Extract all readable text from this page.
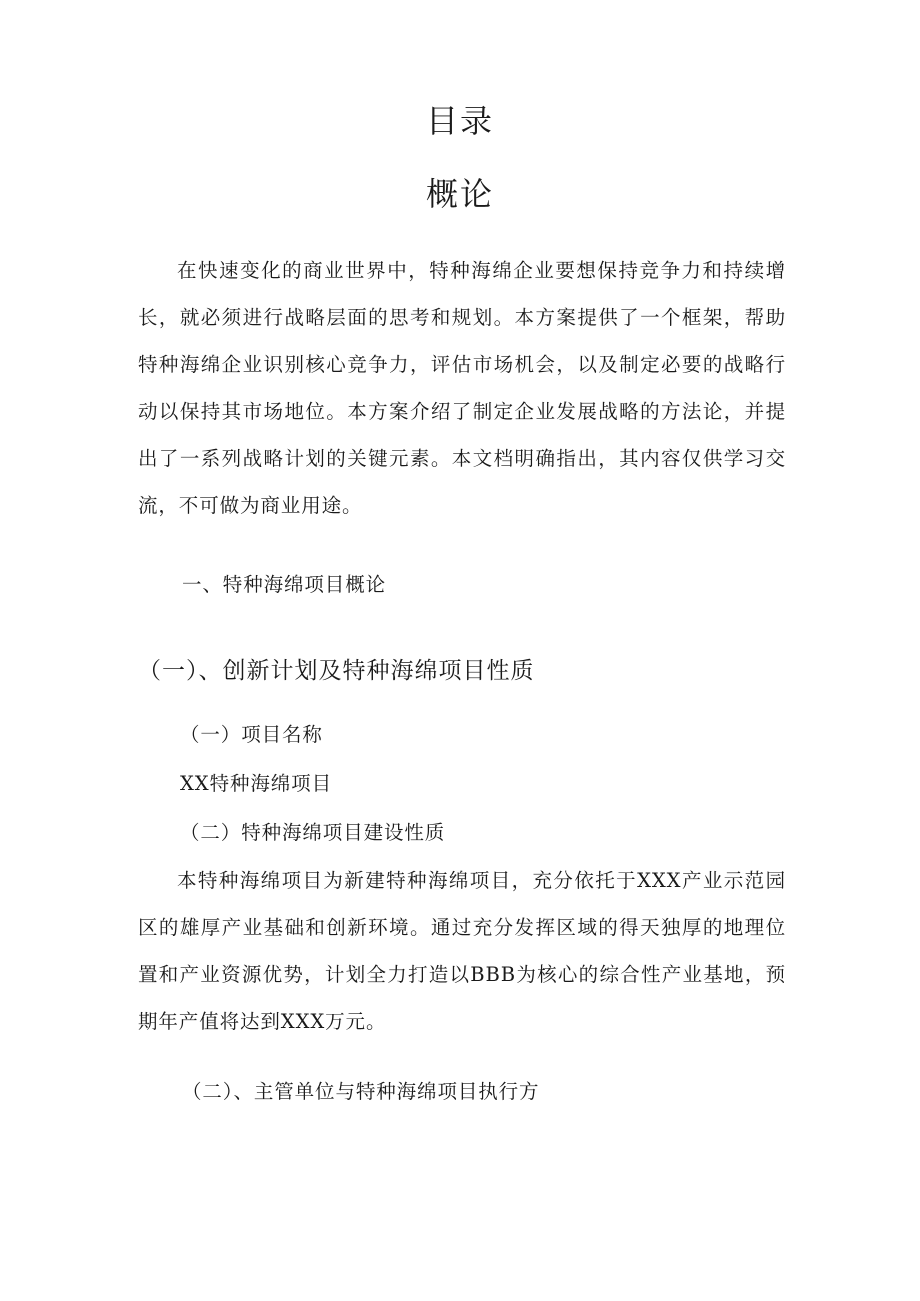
目录
概论

在快速变化的商业世界中，特种海绵企业要想保持竞争力和持续增长，就必须进行战略层面的思考和规划。本方案提供了一个框架，帮助特种海绵企业识别核心竞争力，评估市场机会，以及制定必要的战略行动以保持其市场地位。本方案介绍了制定企业发展战略的方法论，并提出了一系列战略计划的关键元素。本文档明确指出，其内容仅供学习交流，不可做为商业用途。

一、特种海绵项目概论

（一）、创新计划及特种海绵项目性质

（一）项目名称

XX特种海绵项目

（二）特种海绵项目建设性质

本特种海绵项目为新建特种海绵项目，充分依托于XXX产业示范园区的雄厚产业基础和创新环境。通过充分发挥区域的得天独厚的地理位置和产业资源优势，计划全力打造以BBB为核心的综合性产业基地，预期年产值将达到XXX万元。

（二）、主管单位与特种海绵项目执行方
